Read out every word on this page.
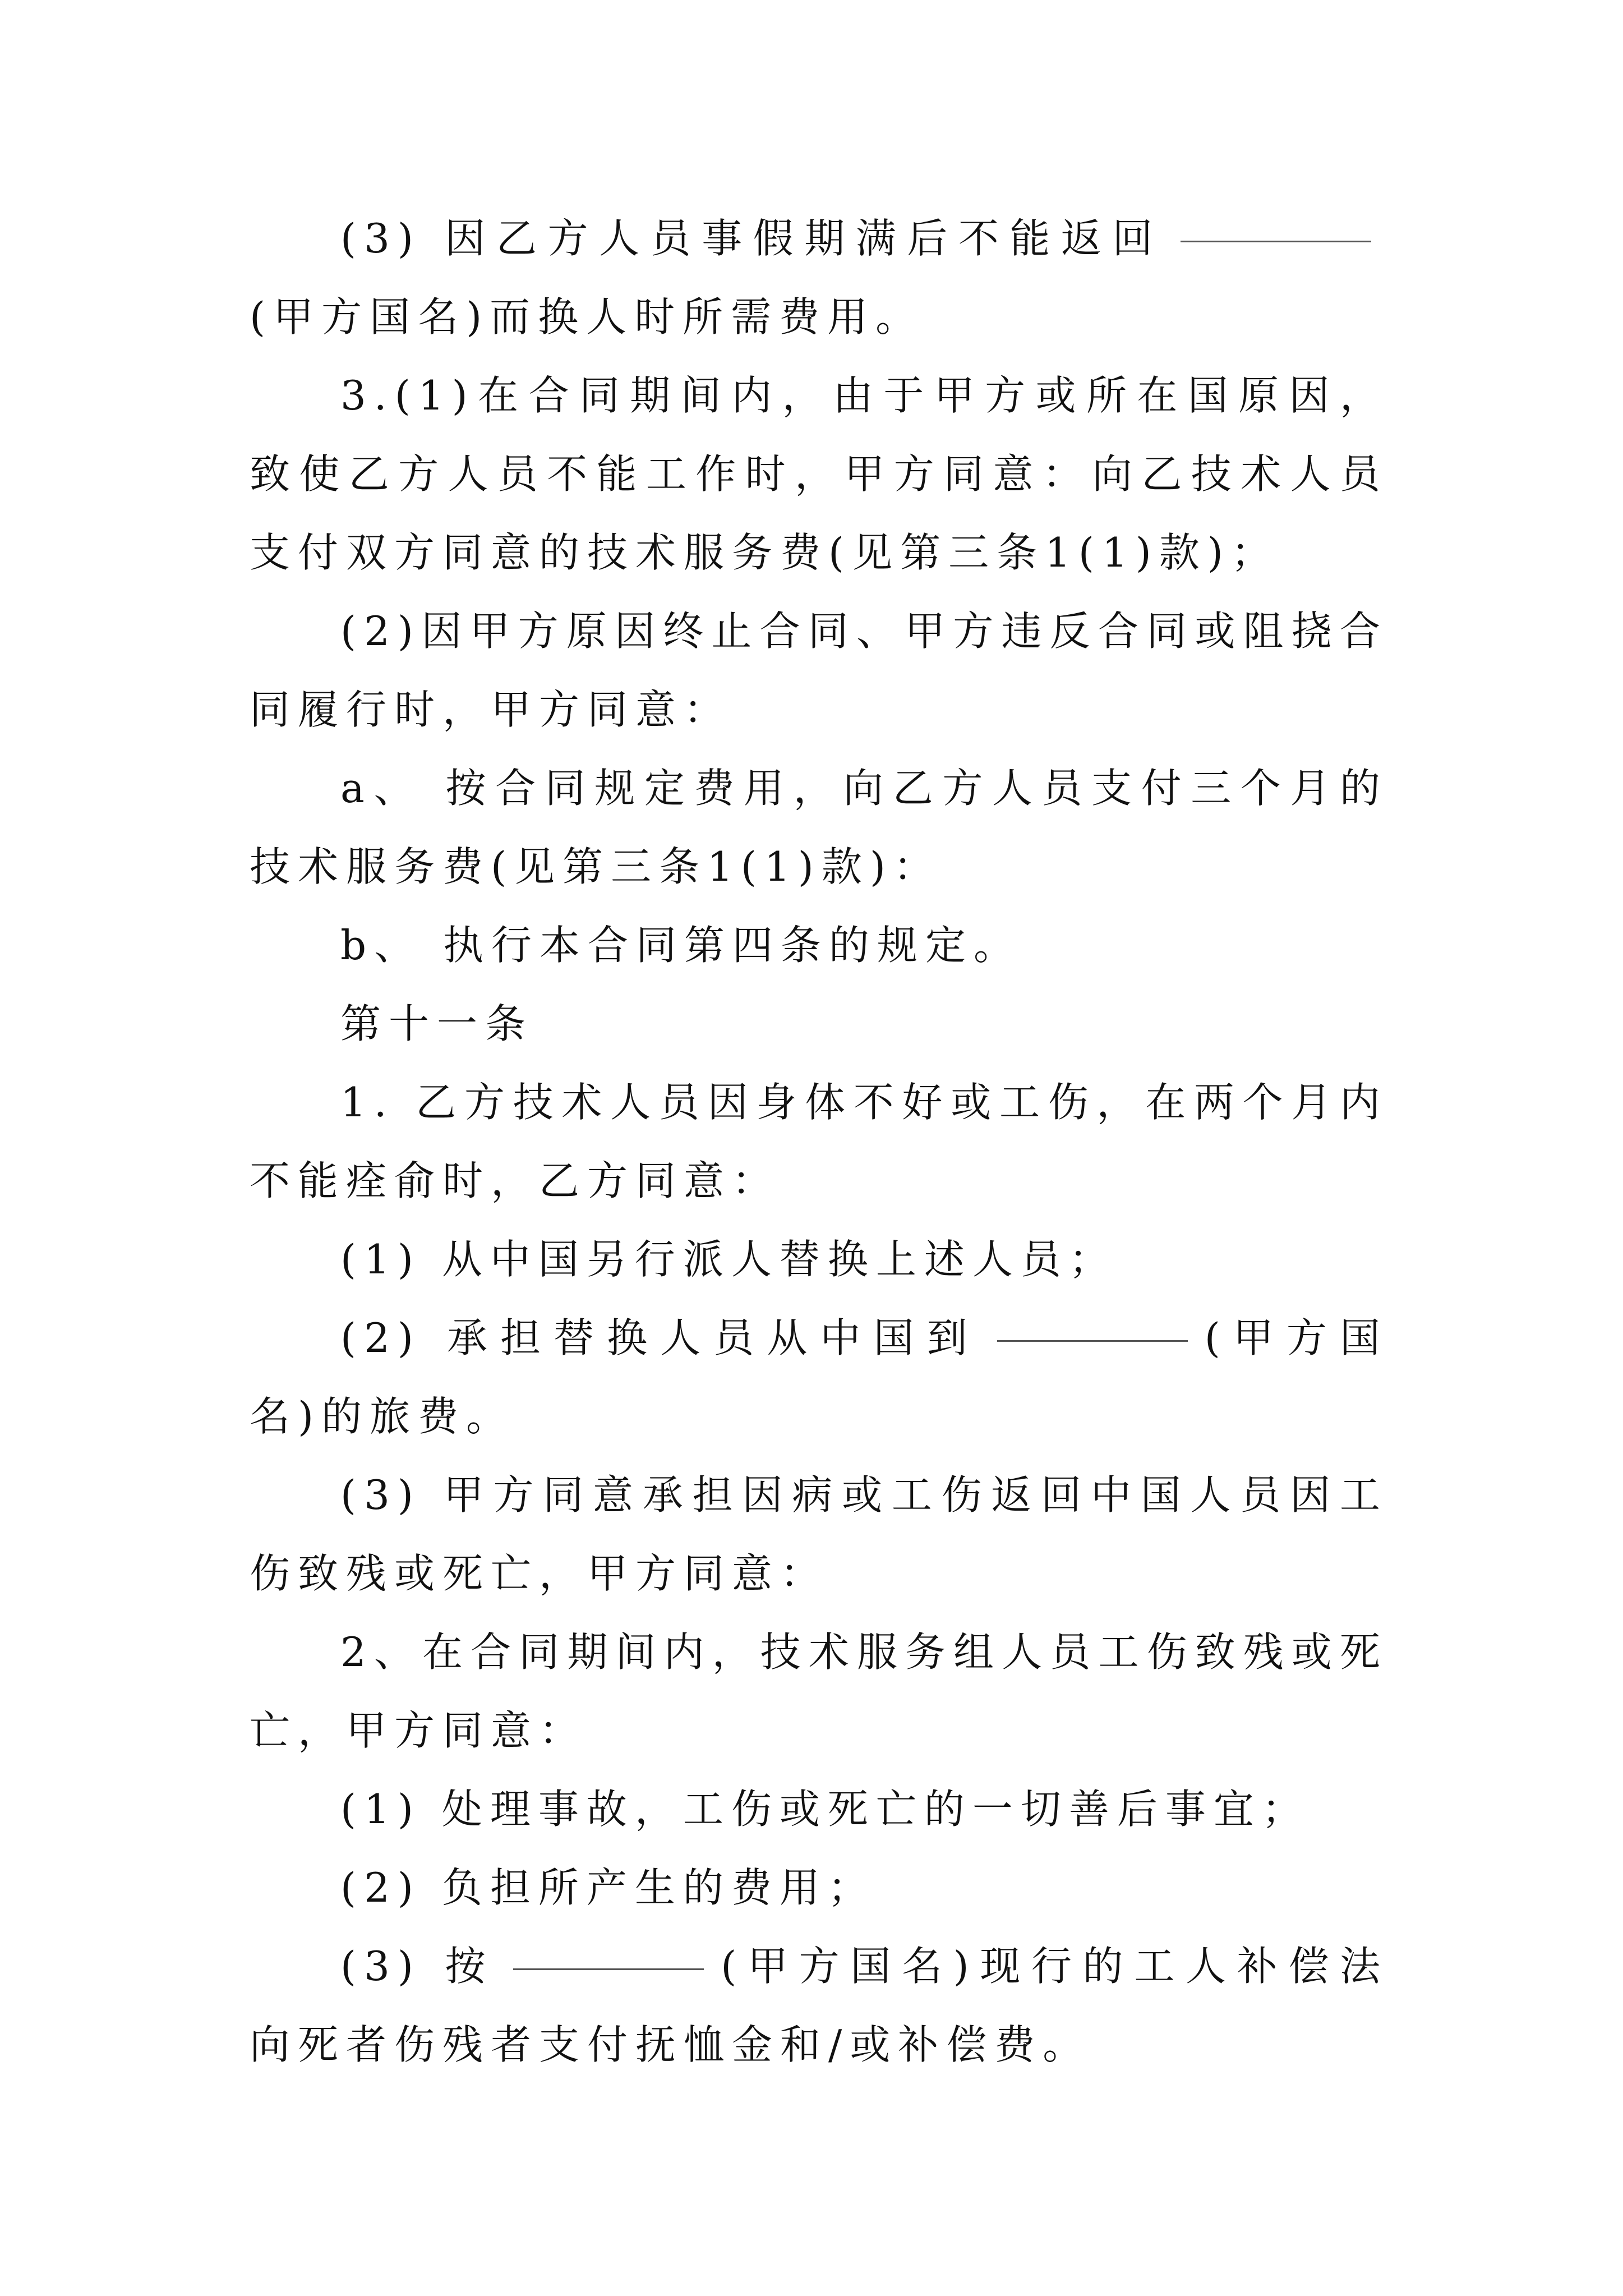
(3) 因乙方人员事假期满后不能返回(甲方国名)而换人时所需费用。

3.(1)在合同期间内，由于甲方或所在国原因，致使乙方人员不能工作时，甲方同意：向乙技术人员支付双方同意的技术服务费(见第三条1(1)款)；

(2)因甲方原因终止合同、甲方违反合同或阻挠合同履行时，甲方同意：

a、 按合同规定费用，向乙方人员支付三个月的技术服务费(见第三条1(1)款)：

b、 执行本合同第四条的规定。

第十一条

1. 乙方技术人员因身体不好或工伤，在两个月内不能痊俞时，乙方同意：

(1) 从中国另行派人替换上述人员；

(2) 承担替换人员从中国到	(甲方国名)的旅费。

(3) 甲方同意承担因病或工伤返回中国人员因工伤致残或死亡，甲方同意：

2、在合同期间内，技术服务组人员工伤致残或死亡，甲方同意：

(1) 处理事故，工伤或死亡的一切善后事宜；

(2) 负担所产生的费用；

(3) 按	(甲方国名)现行的工人补偿法向死者伤残者支付抚恤金和/或补偿费。
